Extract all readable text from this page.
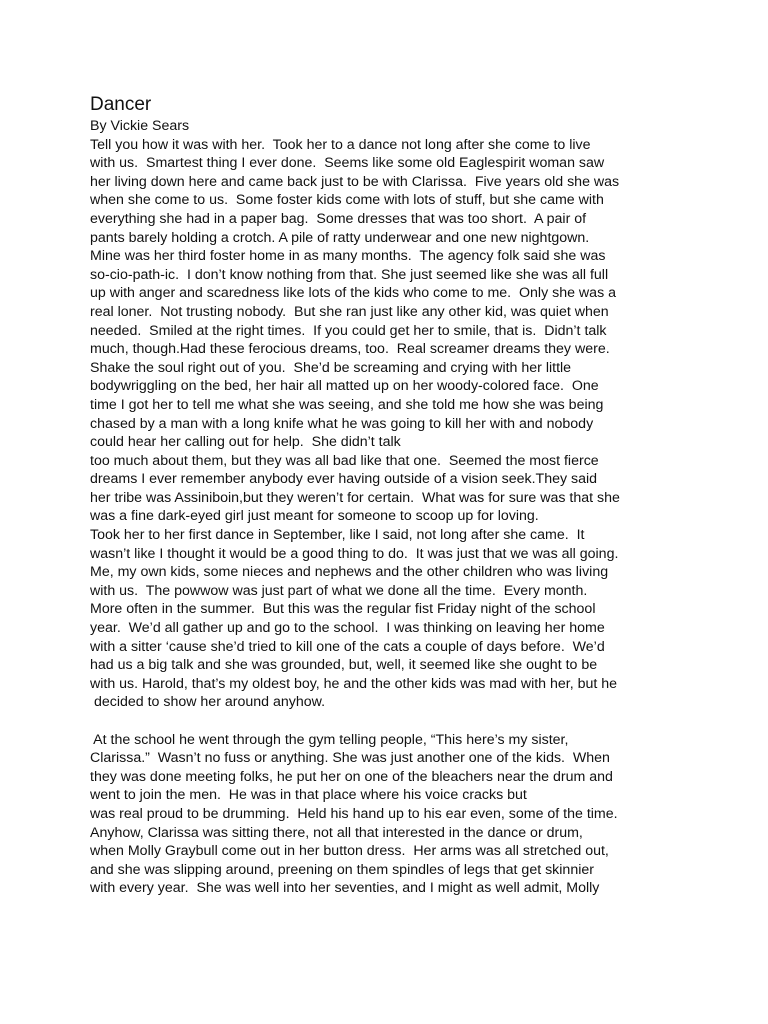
Dancer
By Vickie Sears
Tell you how it was with her.  Took her to a dance not long after she come to live
with us.  Smartest thing I ever done.  Seems like some old Eaglespirit woman saw
her living down here and came back just to be with Clarissa.  Five years old she was
when she come to us.  Some foster kids come with lots of stuff, but she came with
everything she had in a paper bag.  Some dresses that was too short.  A pair of
pants barely holding a crotch. A pile of ratty underwear and one new nightgown.
Mine was her third foster home in as many months.  The agency folk said she was
so-cio-path-ic.  I don’t know nothing from that. She just seemed like she was all full
up with anger and scaredness like lots of the kids who come to me.  Only she was a
real loner.  Not trusting nobody.  But she ran just like any other kid, was quiet when
needed.  Smiled at the right times.  If you could get her to smile, that is.  Didn’t talk
much, though.Had these ferocious dreams, too.  Real screamer dreams they were.
Shake the soul right out of you.  She’d be screaming and crying with her little
bodywriggling on the bed, her hair all matted up on her woody-colored face.  One
time I got her to tell me what she was seeing, and she told me how she was being
chased by a man with a long knife what he was going to kill her with and nobody
could hear her calling out for help.  She didn’t talk
too much about them, but they was all bad like that one.  Seemed the most fierce
dreams I ever remember anybody ever having outside of a vision seek.They said
her tribe was Assiniboin,but they weren’t for certain.  What was for sure was that she
was a fine dark-eyed girl just meant for someone to scoop up for loving.
Took her to her first dance in September, like I said, not long after she came.  It
wasn’t like I thought it would be a good thing to do.  It was just that we was all going.
Me, my own kids, some nieces and nephews and the other children who was living
with us.  The powwow was just part of what we done all the time.  Every month.
More often in the summer.  But this was the regular fist Friday night of the school
year.  We’d all gather up and go to the school.  I was thinking on leaving her home
with a sitter ‘cause she’d tried to kill one of the cats a couple of days before.  We’d
had us a big talk and she was grounded, but, well, it seemed like she ought to be
with us. Harold, that’s my oldest boy, he and the other kids was mad with her, but he
decided to show her around anyhow.
At the school he went through the gym telling people, “This here’s my sister,
Clarissa.”  Wasn’t no fuss or anything. She was just another one of the kids.  When
they was done meeting folks, he put her on one of the bleachers near the drum and
went to join the men.  He was in that place where his voice cracks but
was real proud to be drumming.  Held his hand up to his ear even, some of the time.
Anyhow, Clarissa was sitting there, not all that interested in the dance or drum,
when Molly Graybull come out in her button dress.  Her arms was all stretched out,
and she was slipping around, preening on them spindles of legs that get skinnier
with every year.  She was well into her seventies, and I might as well admit, Molly
